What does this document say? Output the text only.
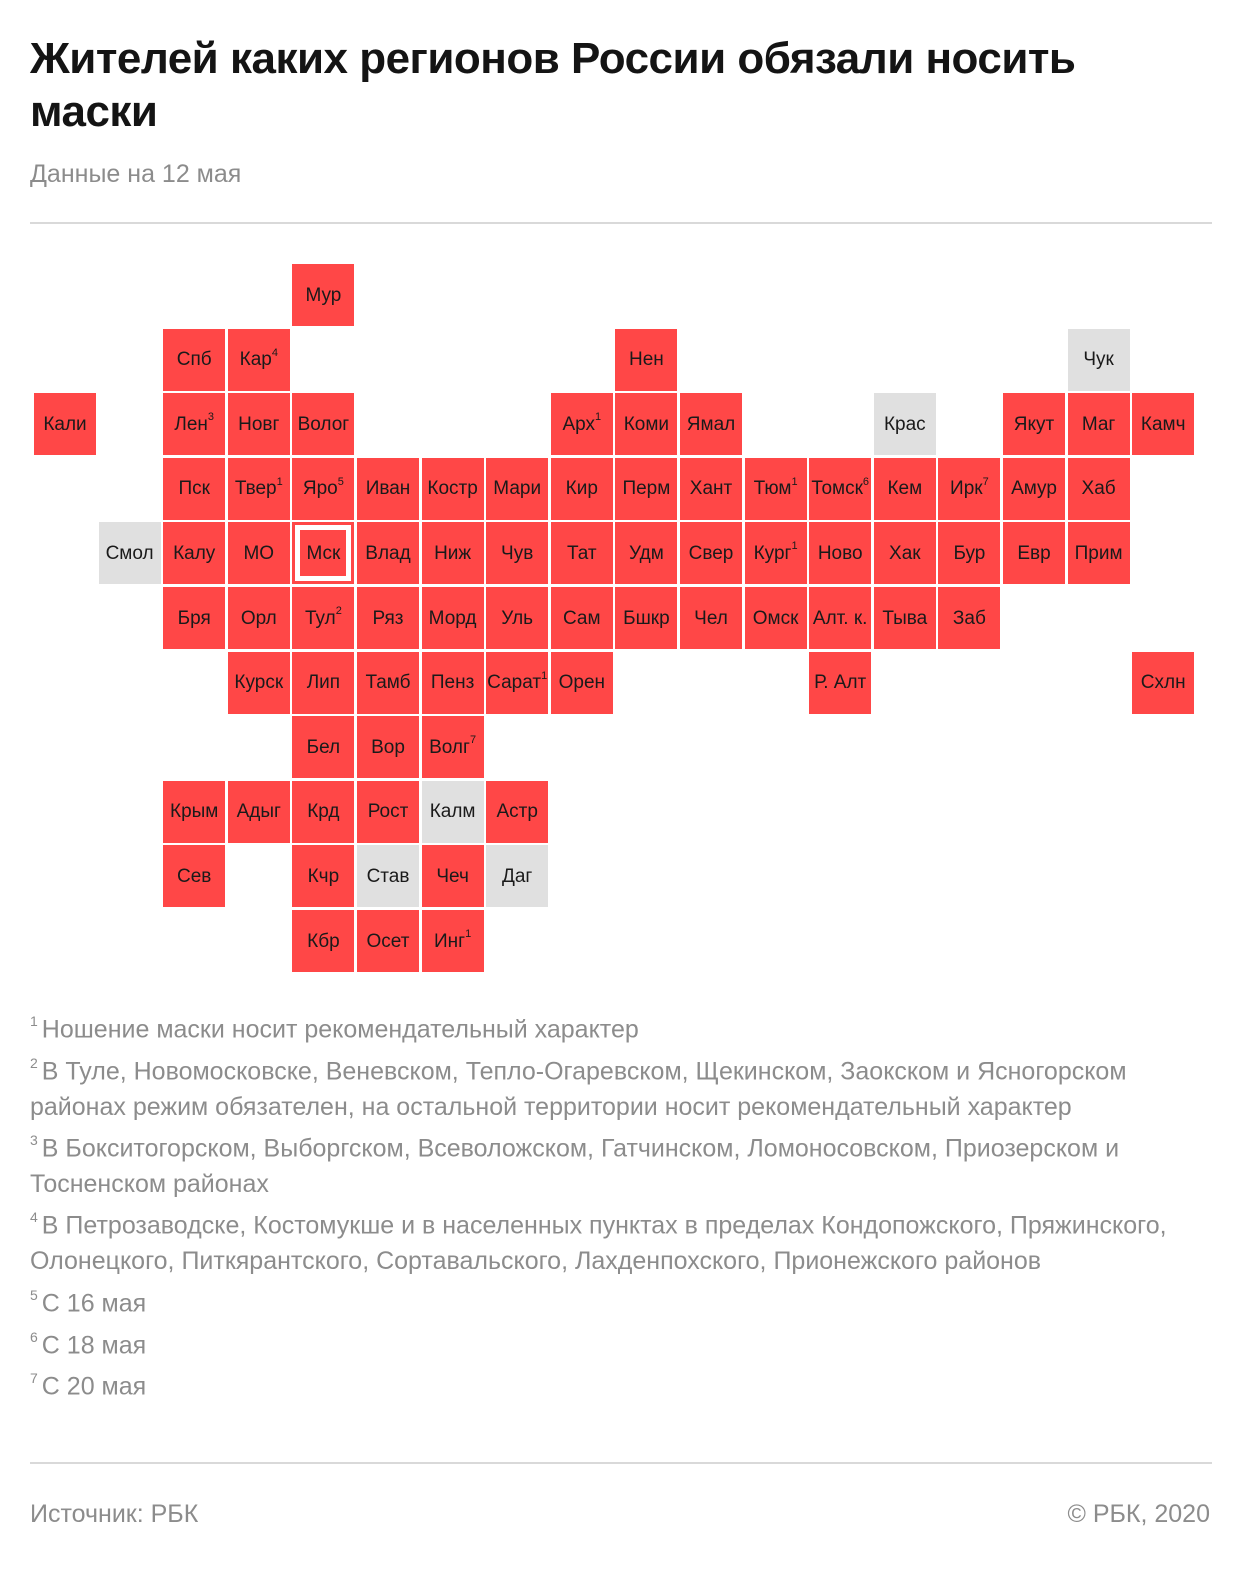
Жителей каких регионов России обязали носить маски

Данные на 12 мая

Мур
Спб Кар$^4$	Нен	Чук
Кали	Лен$^3$ Новг Волог	Арх$^1$ Коми Ямал	Крас	Якут Маг Камч
Пск Твер$^1$ Яро$^5$ Иван Костр Мари Кир Перм Хант Тюм$^1$ Томск$^6$ Кем Ирк$^7$ Амур Хаб
Смол Калу МО Мск Влад Ниж Чув Тат Удм Свер Кург$^1$ Ново Хак Бур Евр Прим
Бря Орл Тул$^2$ Ряз Морд Уль Сам Бшкр Чел Омск Алт. к. Тыва Заб
Курск Лип Тамб Пенз Сарат$^1$ Орен	Р. Алт	Схлн
Бел Вор Волг$^7$
Крым Адыг Крд Рост Калм Астр
Сев	Кчр Став Чеч Даг
Кбр Осет Инг$^1$

$^1$ Ношение маски носит рекомендательный характер

$^2$ В Туле, Новомосковске, Веневском, Тепло-Огаревском, Щекинском, Заокском и Ясногорском районах режим обязателен, на остальной территории носит рекомендательный характер

$^3$ В Бокситогорском, Выборгском, Всеволожском, Гатчинском, Ломоносовском, Приозерском и Тосненском районах

$^4$ В Петрозаводске, Костомукше и в населенных пунктах в пределах Кондопожского, Пряжинского, Олонецкого, Питкярантского, Сортавальского, Лахденпохского, Прионежского районов

$^5$ С 16 мая

$^6$ С 18 мая

$^7$ С 20 мая

Источник: РБК	© РБК, 2020
